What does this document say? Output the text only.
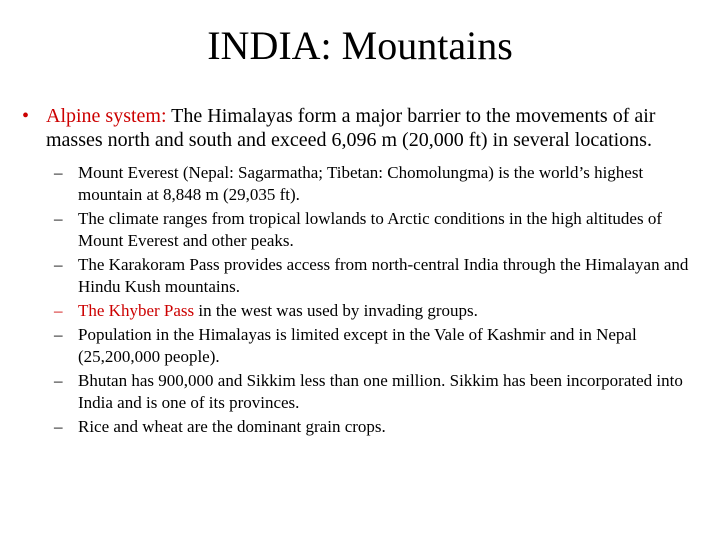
INDIA: Mountains

• Alpine system: The Himalayas form a major barrier to the movements of air masses north and south and exceed 6,096 m (20,000 ft) in several locations.

– Mount Everest (Nepal: Sagarmatha; Tibetan: Chomolungma) is the world’s highest mountain at 8,848 m (29,035 ft).
– The climate ranges from tropical lowlands to Arctic conditions in the high altitudes of Mount Everest and other peaks.
– The Karakoram Pass provides access from north-central India through the Himalayan and Hindu Kush mountains.
– The Khyber Pass in the west was used by invading groups.
– Population in the Himalayas is limited except in the Vale of Kashmir and in Nepal (25,200,000 people).
– Bhutan has 900,000 and Sikkim less than one million. Sikkim has been incorporated into India and is one of its provinces.
– Rice and wheat are the dominant grain crops.
